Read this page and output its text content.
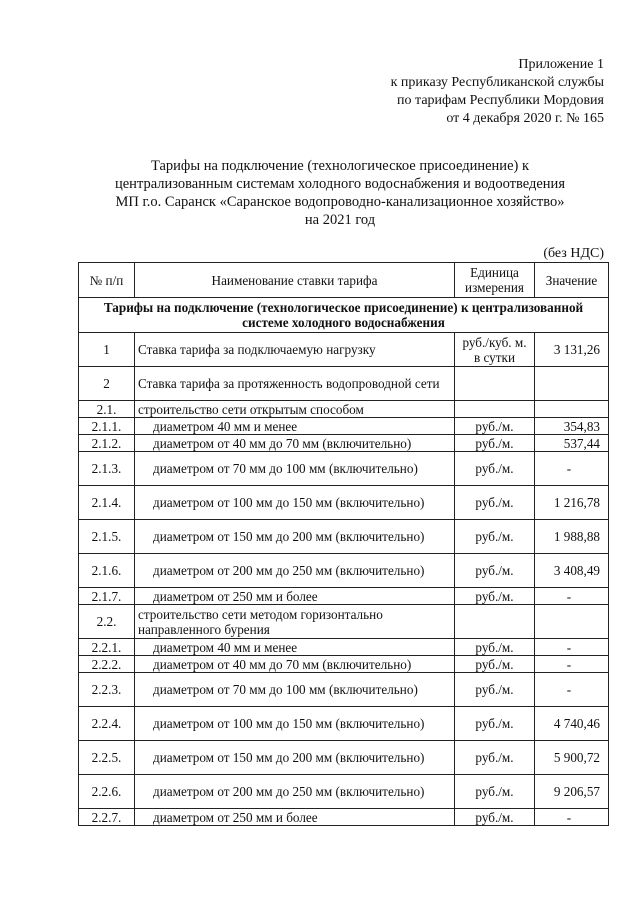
Приложение 1
к приказу Республиканской службы
по тарифам Республики Мордовия
от 4 декабря 2020 г. № 165
Тарифы на подключение (технологическое присоединение) к
централизованным системам холодного водоснабжения и водоотведения
МП г.о. Саранск «Саранское водопроводно-канализационное хозяйство»
на 2021 год
(без НДС)
№ п/п	Наименование ставки тарифа	Единица измерения	Значение
Тарифы на подключение (технологическое присоединение) к централизованной системе холодного водоснабжения			
1	Ставка тарифа за подключаемую нагрузку	руб./куб. м. в сутки	3 131,26
2	Ставка тарифа за протяженность водопроводной сети		
2.1.	строительство сети открытым способом		
2.1.1.	диаметром 40 мм и менее	руб./м.	354,83
2.1.2.	диаметром от 40 мм до 70 мм (включительно)	руб./м.	537,44
2.1.3.	диаметром от 70 мм до 100 мм (включительно)	руб./м.	-
2.1.4.	диаметром от 100 мм до 150 мм (включительно)	руб./м.	1 216,78
2.1.5.	диаметром от 150 мм до 200 мм (включительно)	руб./м.	1 988,88
2.1.6.	диаметром от 200 мм до 250 мм (включительно)	руб./м.	3 408,49
2.1.7.	диаметром от 250 мм и более	руб./м.	-
2.2.	строительство сети методом горизонтально направленного бурения		
2.2.1.	диаметром 40 мм и менее	руб./м.	-
2.2.2.	диаметром от 40 мм до 70 мм (включительно)	руб./м.	-
2.2.3.	диаметром от 70 мм до 100 мм (включительно)	руб./м.	-
2.2.4.	диаметром от 100 мм до 150 мм (включительно)	руб./м.	4 740,46
2.2.5.	диаметром от 150 мм до 200 мм (включительно)	руб./м.	5 900,72
2.2.6.	диаметром от 200 мм до 250 мм (включительно)	руб./м.	9 206,57
2.2.7.	диаметром от 250 мм и более	руб./м.	-
